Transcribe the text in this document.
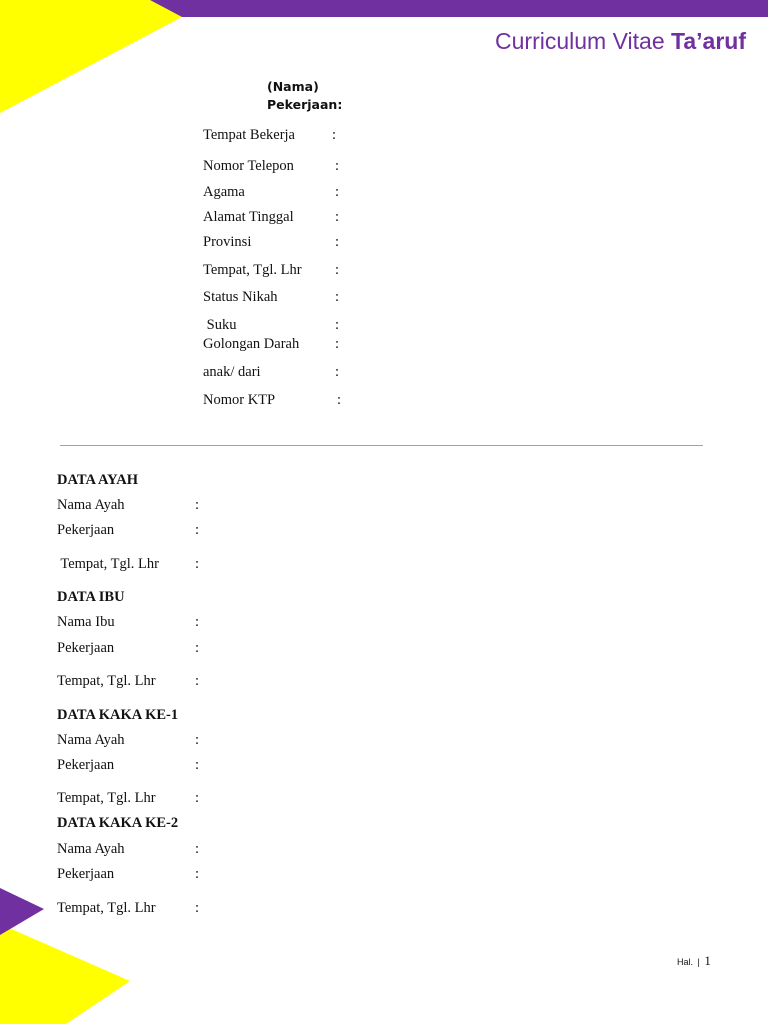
Curriculum Vitae Ta’aruf
(Nama)
Pekerjaan:
Tempat Bekerja	:
Nomor Telepon	:
Agama	:
Alamat Tinggal	:
Provinsi	:
Tempat, Tgl. Lhr :
Status Nikah	:
Suku	:
Golongan Darah :
anak/ dari	:
Nomor KTP	:
DATA AYAH
Nama Ayah	:
Pekerjaan	:
Tempat, Tgl. Lhr :
DATA IBU
Nama Ibu	:
Pekerjaan	:
Tempat, Tgl. Lhr	:
DATA KAKA KE-1
Nama Ayah	:
Pekerjaan	:
Tempat, Tgl. Lhr	:
DATA KAKA KE-2
Nama Ayah	:
Pekerjaan	:
Tempat, Tgl. Lhr	:
Hal. | 1
